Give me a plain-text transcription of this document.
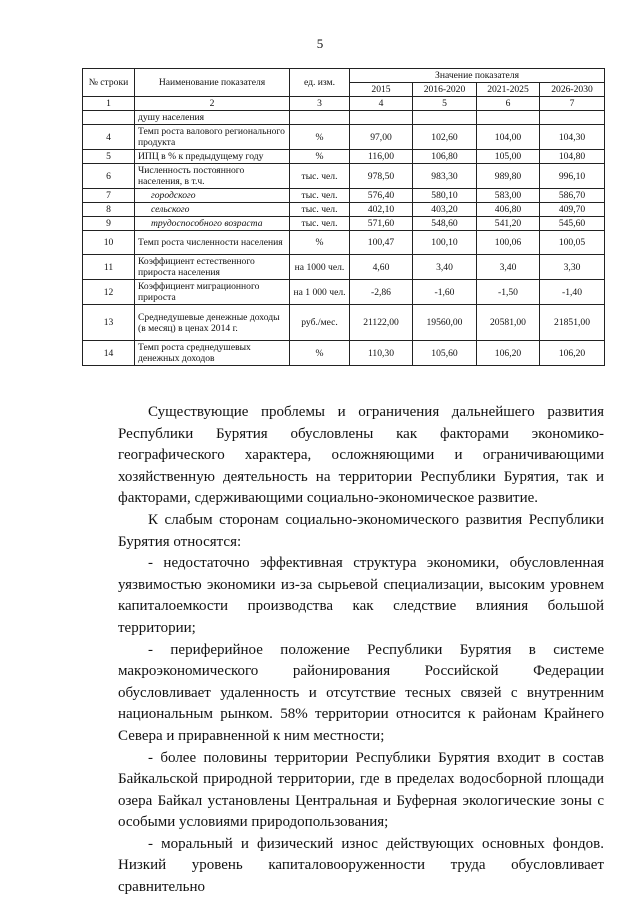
5
№ строки	Наименование показателя	ед. изм.	Значение показателя			
			2015	2016-2020	2021-2025	2026-2030
1	2	3	4	5	6	7
	душу населения					
4	Темп роста валового регионального продукта	%	97,00	102,60	104,00	104,30
5	ИПЦ в % к предыдущему году	%	116,00	106,80	105,00	104,80
6	Численность постоянного населения, в т.ч.	тыс. чел.	978,50	983,30	989,80	996,10
7	городского	тыс. чел.	576,40	580,10	583,00	586,70
8	сельского	тыс. чел.	402,10	403,20	406,80	409,70
9	трудоспособного возраста	тыс. чел.	571,60	548,60	541,20	545,60
10	Темп роста численности населения	%	100,47	100,10	100,06	100,05
11	Коэффициент естественного прироста населения	на 1000 чел.	4,60	3,40	3,40	3,30
12	Коэффициент миграционного прироста	на 1 000 чел.	-2,86	-1,60	-1,50	-1,40
13	Среднедушевые денежные доходы (в месяц) в ценах 2014 г.	руб./мес.	21122,00	19560,00	20581,00	21851,00
14	Темп роста среднедушевых денежных доходов	%	110,30	105,60	106,20	106,20

Существующие проблемы и ограничения дальнейшего развития Республики Бурятия обусловлены как факторами экономико-географического характера, осложняющими и ограничивающими хозяйственную деятельность на территории Республики Бурятия, так и факторами, сдерживающими социально-экономическое развитие.

К слабым сторонам социально-экономического развития Республики Бурятия относятся:

- недостаточно эффективная структура экономики, обусловленная уязвимостью экономики из-за сырьевой специализации, высоким уровнем капиталоемкости производства как следствие влияния большой территории;

- периферийное положение Республики Бурятия в системе макроэкономического районирования Российской Федерации обусловливает удаленность и отсутствие тесных связей с внутренним национальным рынком. 58% территории относится к районам Крайнего Севера и приравненной к ним местности;

- более половины территории Республики Бурятия входит в состав Байкальской природной территории, где в пределах водосборной площади озера Байкал установлены Центральная и Буферная экологические зоны с особыми условиями природопользования;

- моральный и физический износ действующих основных фондов. Низкий уровень капиталовооруженности труда обусловливает сравнительно
